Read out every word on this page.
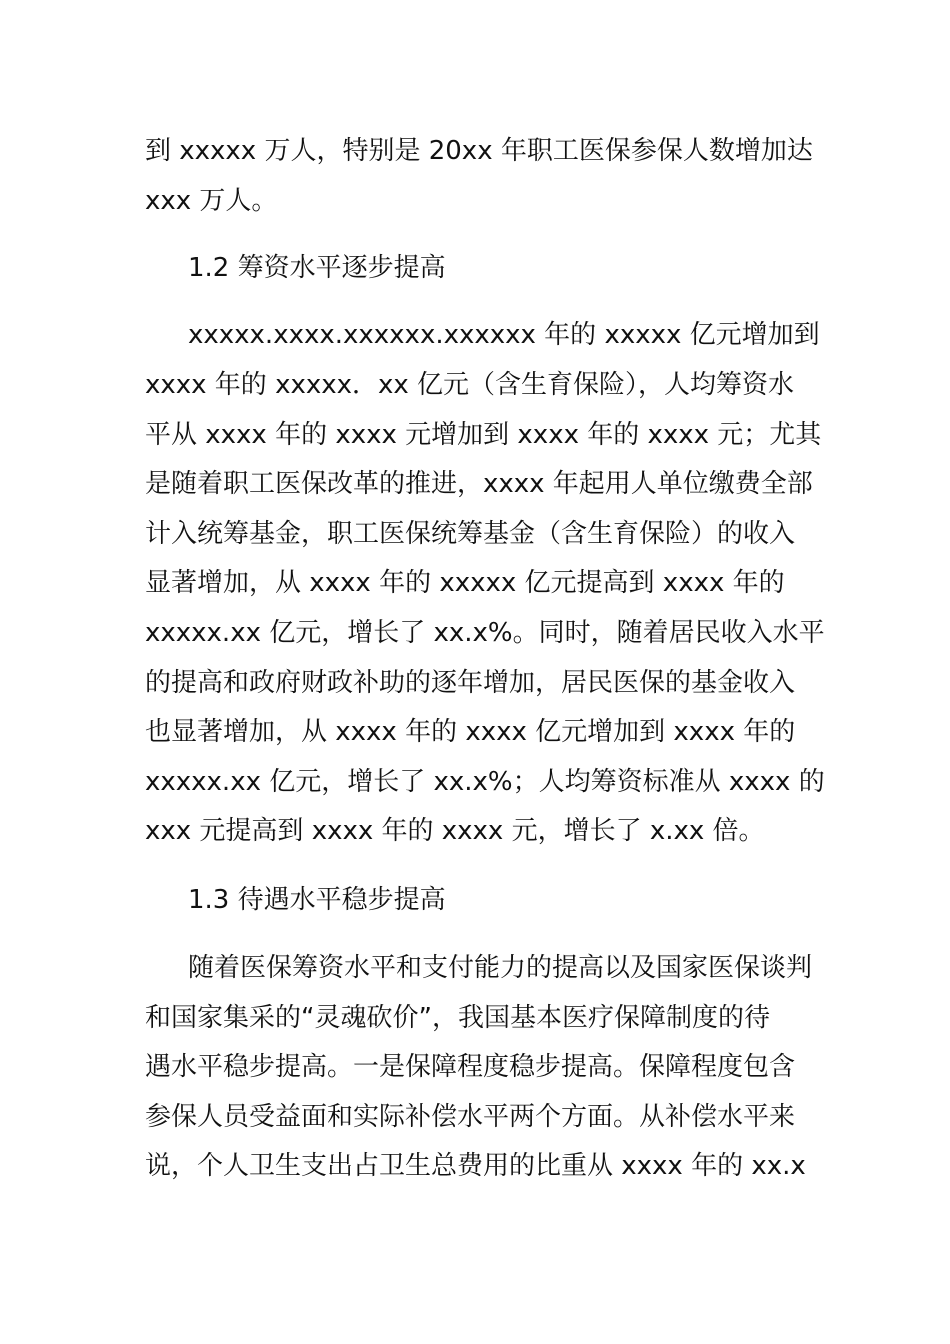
到 xxxxx 万人，特别是 20xx 年职工医保参保人数增加达
xxx 万人。
1.2 筹资水平逐步提高
xxxxx.xxxx.xxxxxx.xxxxxx 年的 xxxxx 亿元增加到
xxxx 年的 xxxxx．xx 亿元（含生育保险），人均筹资水
平从 xxxx 年的 xxxx 元增加到 xxxx 年的 xxxx 元；尤其
是随着职工医保改革的推进，xxxx 年起用人单位缴费全部
计入统筹基金，职工医保统筹基金（含生育保险）的收入
显著增加，从 xxxx 年的 xxxxx 亿元提高到 xxxx 年的
xxxxx.xx 亿元，增长了 xx.x%。同时，随着居民收入水平
的提高和政府财政补助的逐年增加，居民医保的基金收入
也显著增加，从 xxxx 年的 xxxx 亿元增加到 xxxx 年的
xxxxx.xx 亿元，增长了 xx.x%；人均筹资标准从 xxxx 的
xxx 元提高到 xxxx 年的 xxxx 元，增长了 x.xx 倍。
1.3 待遇水平稳步提高
随着医保筹资水平和支付能力的提高以及国家医保谈判
和国家集采的“灵魂砍价”，我国基本医疗保障制度的待
遇水平稳步提高。一是保障程度稳步提高。保障程度包含
参保人员受益面和实际补偿水平两个方面。从补偿水平来
说，个人卫生支出占卫生总费用的比重从 xxxx 年的 xx.x
